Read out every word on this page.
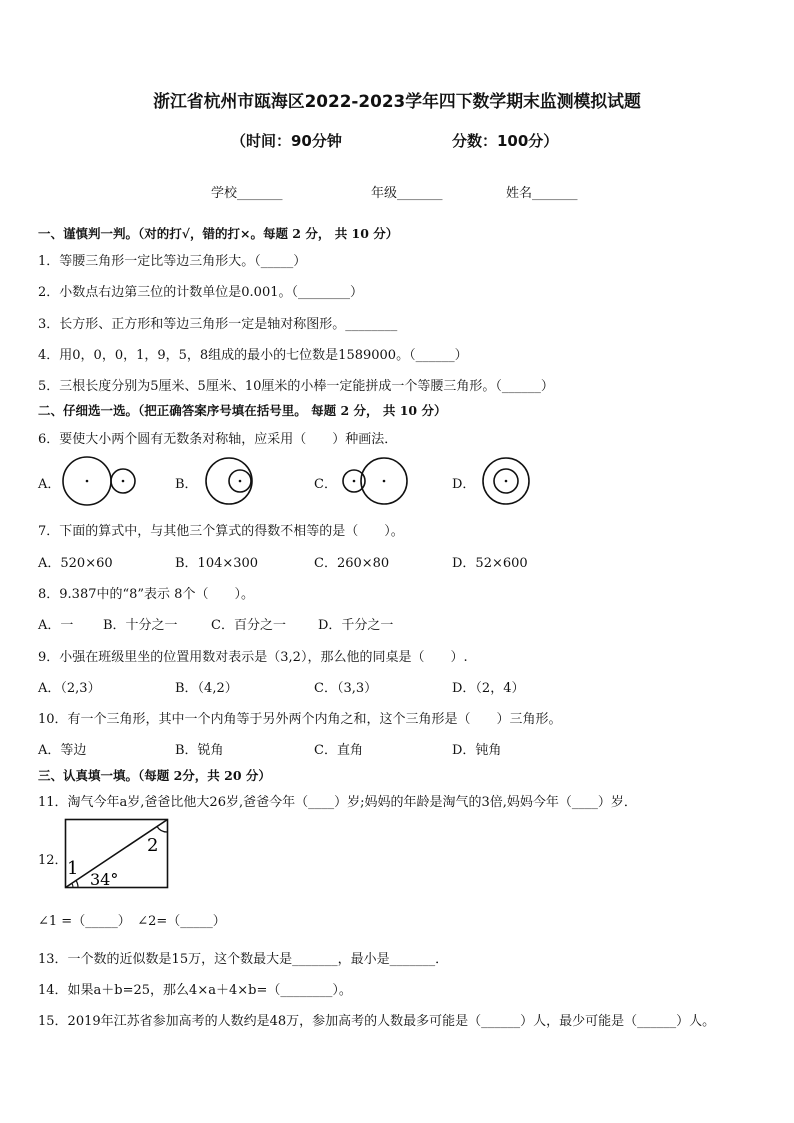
浙江省杭州市瓯海区2022-2023学年四下数学期末监测模拟试题
（时间：90分钟	分数：100分）
学校_______	年级_______	姓名_______
一、谨慎判一判。（对的打√，错的打×。每题 2 分， 共 10 分）
1．等腰三角形一定比等边三角形大。（_____）
2．小数点右边第三位的计数单位是0.001。（________）
3．长方形、正方形和等边三角形一定是轴对称图形。________
4．用0，0，0，1，9，5，8组成的最小的七位数是1589000。（______）
5．三根长度分别为5厘米、5厘米、10厘米的小棒一定能拼成一个等腰三角形。（______）
二、仔细选一选。（把正确答案序号填在括号里。 每题 2 分， 共 10 分）
6．要使大小两个圆有无数条对称轴，应采用（　　）种画法．
A．	B．	C．	D．
7．下面的算式中，与其他三个算式的得数不相等的是（　　）。
A．520×60	B．104×300	C．260×80	D．52×600
8．9.387中的“8”表示 8个（　　）。
A．一 B．十分之一	C．百分之一 D．千分之一
9．小强在班级里坐的位置用数对表示是（3,2），那么他的同桌是（　　）.
A．（2,3）	B．（4,2）	C．（3,3）	D．（2，4）
10．有一个三角形，其中一个内角等于另外两个内角之和，这个三角形是（　　）三角形。
A．等边	B．锐角	C．直角	D．钝角
三、认真填一填。（每题 2分，共 20 分）
11．淘气今年a岁,爸爸比他大26岁,爸爸今年（____）岁;妈妈的年龄是淘气的3倍,妈妈今年（____）岁．
12． 1
2
34°
∠1 =（_____）　∠2=（_____）
13．一个数的近似数是15万，这个数最大是_______，最小是_______．
14．如果a＋b=25，那么4×a＋4×b=（________）。
15．2019年江苏省参加高考的人数约是48万，参加高考的人数最多可能是（______）人，最少可能是（______）人。
